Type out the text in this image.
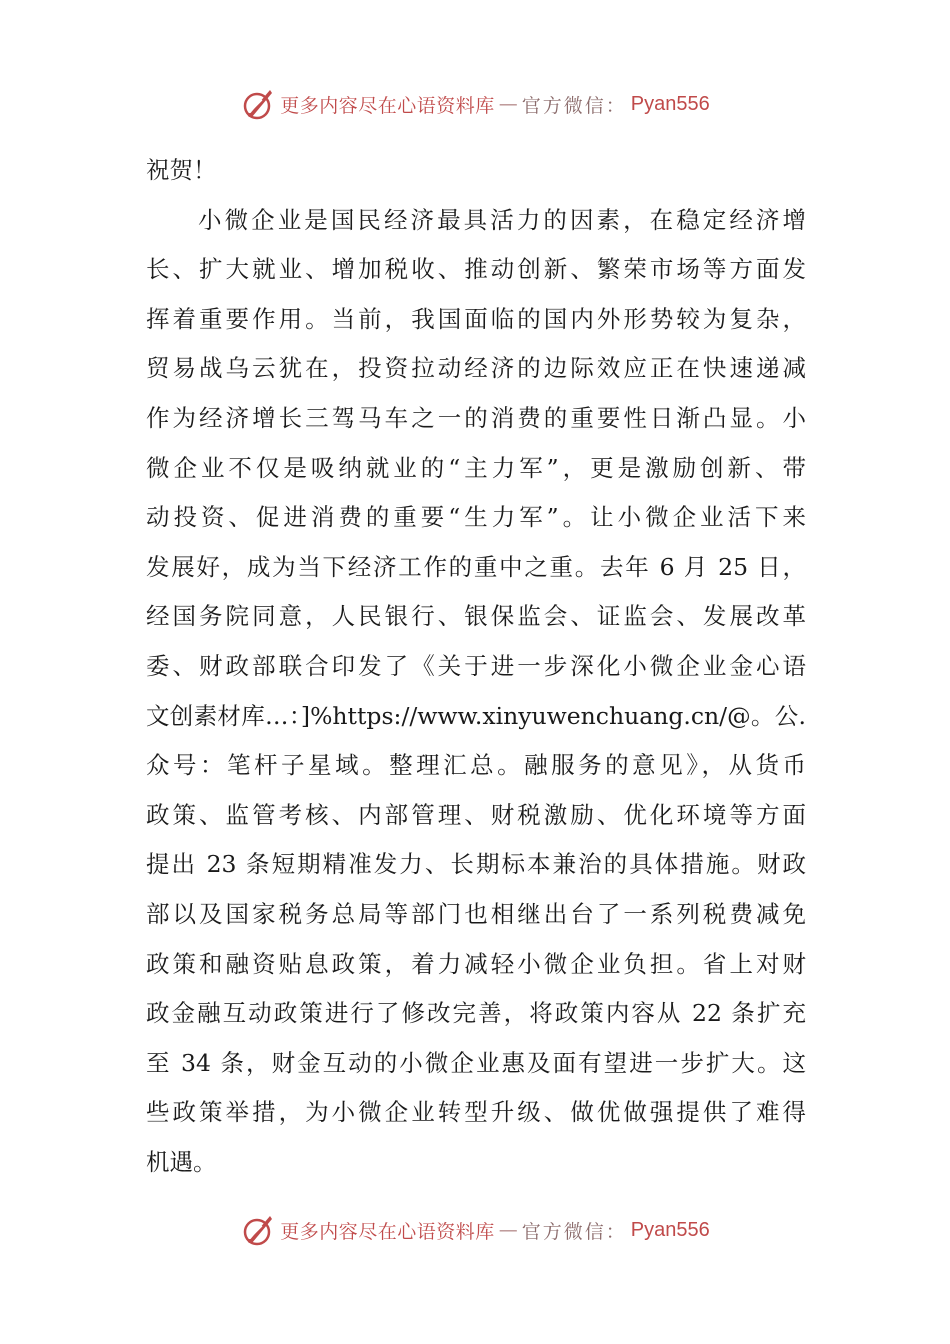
更多内容尽在心语资料库 — 官方微信： Pyan556
祝贺！
小微企业是国民经济最具活力的因素，在稳定经济增
长、扩大就业、增加税收、推动创新、繁荣市场等方面发
挥着重要作用。当前，我国面临的国内外形势较为复杂，
贸易战乌云犹在，投资拉动经济的边际效应正在快速递减
作为经济增长三驾马车之一的消费的重要性日渐凸显。小
微企业不仅是吸纳就业的“主力军”，更是激励创新、带
动投资、促进消费的重要“生力军”。让小微企业活下来
发展好，成为当下经济工作的重中之重。去年 6 月 25 日，
经国务院同意，人民银行、银保监会、证监会、发展改革
委、财政部联合印发了《关于进一步深化小微企业金心语
文创素材库…：]%https://www.xinyuwenchuang.cn/@。公.
众号：笔杆子星域。整理汇总。融服务的意见》，从货币
政策、监管考核、内部管理、财税激励、优化环境等方面
提出 23 条短期精准发力、长期标本兼治的具体措施。财政
部以及国家税务总局等部门也相继出台了一系列税费减免
政策和融资贴息政策，着力减轻小微企业负担。省上对财
政金融互动政策进行了修改完善，将政策内容从 22 条扩充
至 34 条，财金互动的小微企业惠及面有望进一步扩大。这
些政策举措，为小微企业转型升级、做优做强提供了难得
机遇。
更多内容尽在心语资料库 — 官方微信： Pyan556
